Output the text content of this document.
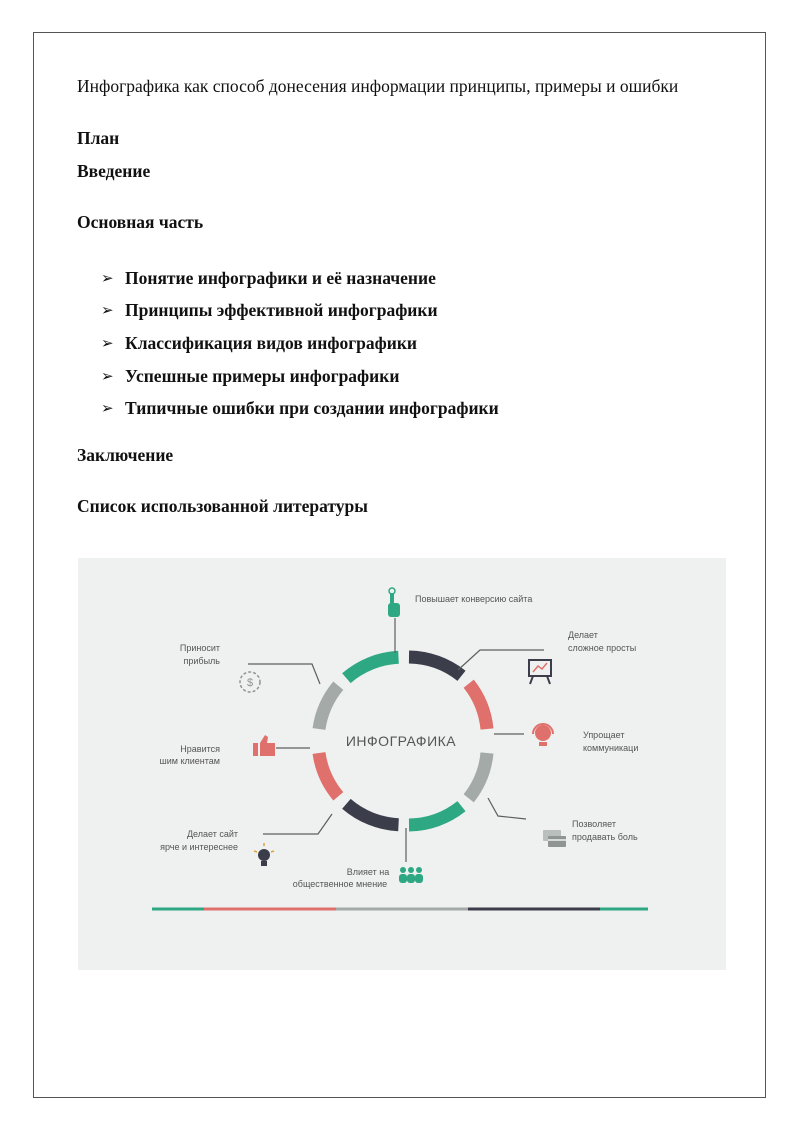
Инфографика как способ донесения информации принципы, примеры и ошибки
План
Введение
Основная часть
➢ Понятие инфографики и её назначение
➢ Принципы эффективной инфографики
➢ Классификация видов инфографики
➢ Успешные примеры инфографики
➢ Типичные ошибки при создании инфографики
Заключение
Список использованной литературы
ИНФОГРАФИКА
Повышает конверсию сайта
Делает
сложное просты
Упрощает
коммуникаци
Позволяет
продавать боль
Влияет на
общественное мнение
Делает сайт
ярче и интереснее
Нравится
шим клиентам
$
Приносит
прибыль
